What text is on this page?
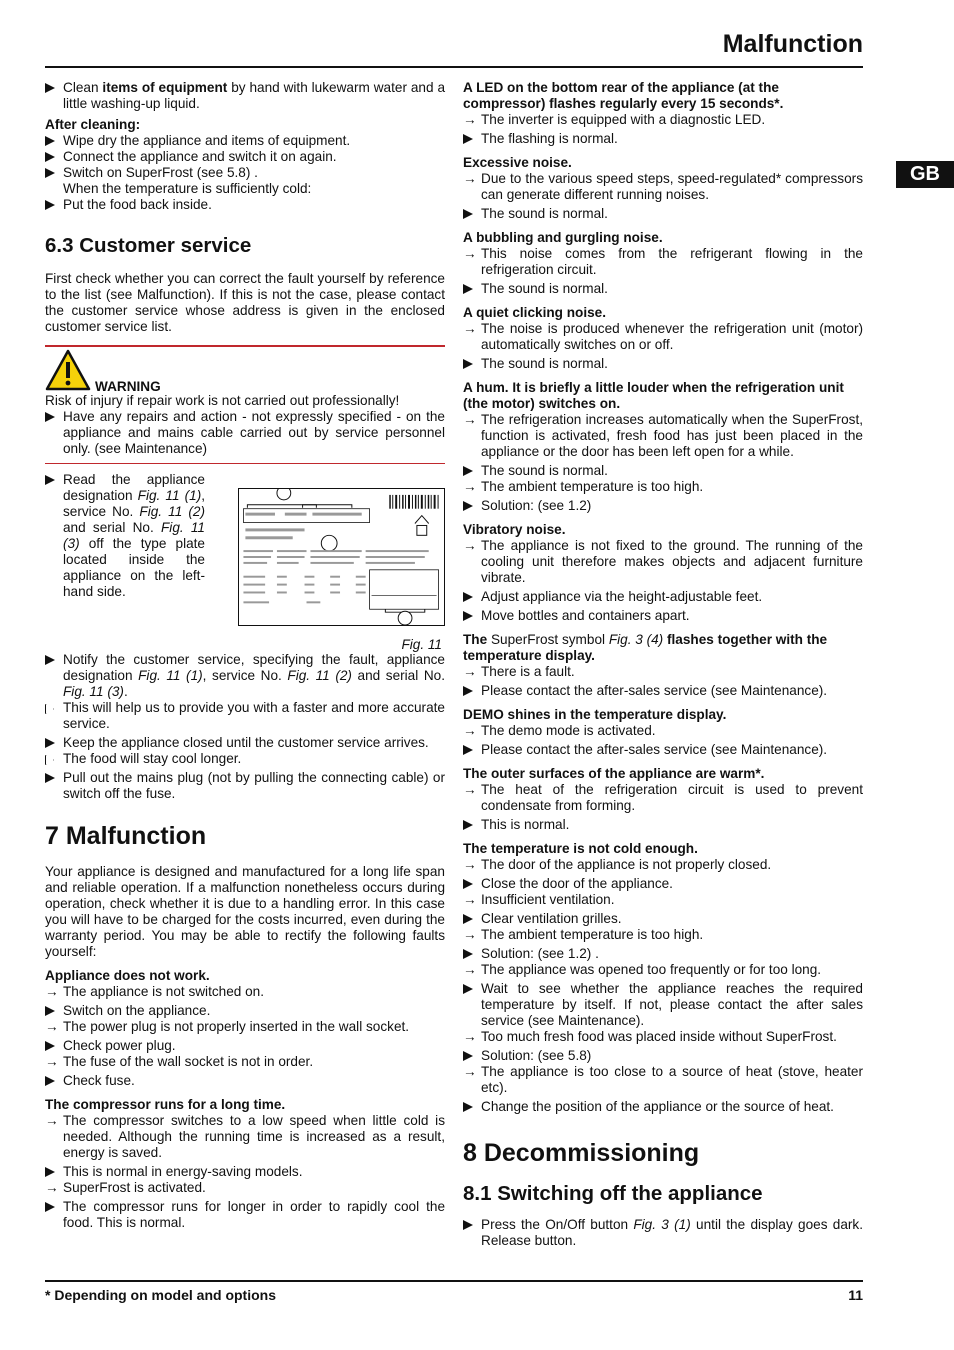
Malfunction
GB
Clean items of equipment by hand with lukewarm water and a little washing-up liquid.
After cleaning:
Wipe dry the appliance and items of equipment.
Connect the appliance and switch it on again.
Switch on SuperFrost (see 5.8) .
When the temperature is sufficiently cold:
Put the food back inside.
6.3 Customer service

First check whether you can correct the fault yourself by reference to the list (see Malfunction). If this is not the case, please contact the customer service whose address is given in the enclosed customer service list.

WARNING
Risk of injury if repair work is not carried out professionally!
Have any repairs and action - not expressly specified - on the appliance and mains cable carried out by service personnel only. (see Maintenance)
Read the appliance designation Fig. 11 (1), service No. Fig. 11 (2) and serial No. Fig. 11 (3) off the type plate located inside the appliance on the left-hand side.
Fig. 11
Notify the customer service, specifying the fault, appliance designation Fig. 11 (1), service No. Fig. 11 (2) and serial No. Fig. 11 (3).
This will help us to provide you with a faster and more accurate service.
Keep the appliance closed until the customer service arrives.
The food will stay cool longer.
Pull out the mains plug (not by pulling the connecting cable) or switch off the fuse.
7 Malfunction

Your appliance is designed and manufactured for a long life span and reliable operation. If a malfunction nonetheless occurs during operation, check whether it is due to a handling error. In this case you will have to be charged for the costs incurred, even during the warranty period. You may be able to rectify the following faults yourself:

Appliance does not work.
→ The appliance is not switched on.
Switch on the appliance.
→ The power plug is not properly inserted in the wall socket.
Check power plug.
→ The fuse of the wall socket is not in order.
Check fuse.
The compressor runs for a long time.
→ The compressor switches to a low speed when little cold is needed. Although the running time is increased as a result, energy is saved.
This is normal in energy-saving models.
→ SuperFrost is activated.
The compressor runs for longer in order to rapidly cool the food. This is normal.
A LED on the bottom rear of the appliance (at the compressor) flashes regularly every 15 seconds*.
→ The inverter is equipped with a diagnostic LED.
The flashing is normal.
Excessive noise.
→ Due to the various speed steps, speed-regulated* compressors can generate different running noises.
The sound is normal.
A bubbling and gurgling noise.
→ This noise comes from the refrigerant flowing in the refrigeration circuit.
The sound is normal.
A quiet clicking noise.
→ The noise is produced whenever the refrigeration unit (motor) automatically switches on or off.
The sound is normal.
A hum. It is briefly a little louder when the refrigeration unit (the motor) switches on.
→ The refrigeration increases automatically when the SuperFrost, function is activated, fresh food has just been placed in the appliance or the door has been left open for a while.
The sound is normal.
→ The ambient temperature is too high.
Solution: (see 1.2)
Vibratory noise.
→ The appliance is not fixed to the ground. The running of the cooling unit therefore makes objects and adjacent furniture vibrate.
Adjust appliance via the height-adjustable feet.
Move bottles and containers apart.
The SuperFrost symbol Fig. 3 (4) flashes together with the temperature display.
→ There is a fault.
Please contact the after-sales service (see Maintenance).
DEMO shines in the temperature display.
→ The demo mode is activated.
Please contact the after-sales service (see Maintenance).
The outer surfaces of the appliance are warm*.
→ The heat of the refrigeration circuit is used to prevent condensate from forming.
This is normal.
The temperature is not cold enough.
→ The door of the appliance is not properly closed.
Close the door of the appliance.
→ Insufficient ventilation.
Clear ventilation grilles.
→ The ambient temperature is too high.
Solution: (see 1.2) .
→ The appliance was opened too frequently or for too long.
Wait to see whether the appliance reaches the required temperature by itself. If not, please contact the after sales service (see Maintenance).
→ Too much fresh food was placed inside without SuperFrost.
Solution: (see 5.8)
→ The appliance is too close to a source of heat (stove, heater etc).
Change the position of the appliance or the source of heat.
8 Decommissioning
8.1 Switching off the appliance
Press the On/Off button Fig. 3 (1) until the display goes dark. Release button.
* Depending on model and options	11
